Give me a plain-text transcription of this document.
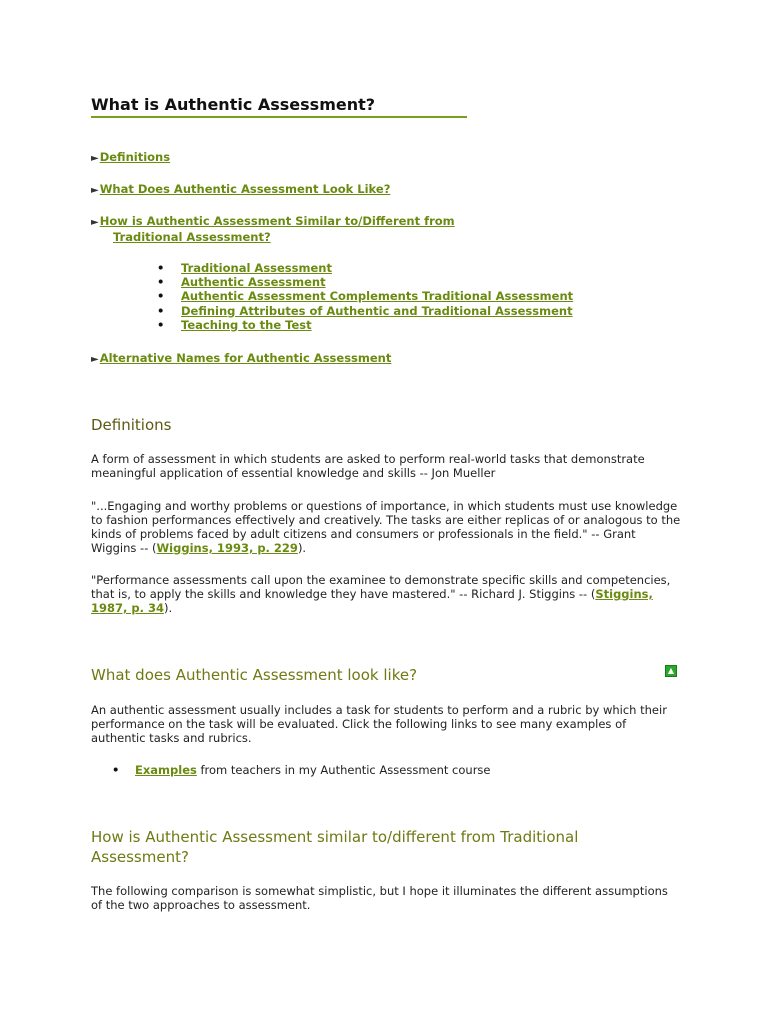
What is Authentic Assessment?
►Definitions
►What Does Authentic Assessment Look Like?
►How is Authentic Assessment Similar to/Different from
Traditional Assessment?
• Traditional Assessment
• Authentic Assessment
• Authentic Assessment Complements Traditional Assessment
• Defining Attributes of Authentic and Traditional Assessment
• Teaching to the Test
►Alternative Names for Authentic Assessment
Definitions

A form of assessment in which students are asked to perform real-world tasks that demonstrate meaningful application of essential knowledge and skills -- Jon Mueller

"...Engaging and worthy problems or questions of importance, in which students must use knowledge to fashion performances effectively and creatively. The tasks are either replicas of or analogous to the kinds of problems faced by adult citizens and consumers or professionals in the field." -- Grant Wiggins -- (Wiggins, 1993, p. 229).

"Performance assessments call upon the examinee to demonstrate specific skills and competencies, that is, to apply the skills and knowledge they have mastered." -- Richard J. Stiggins -- (Stiggins, 1987, p. 34).

What does Authentic Assessment look like?	▲

An authentic assessment usually includes a task for students to perform and a rubric by which their performance on the task will be evaluated. Click the following links to see many examples of authentic tasks and rubrics.

• Examples from teachers in my Authentic Assessment course
How is Authentic Assessment similar to/different from Traditional Assessment?

The following comparison is somewhat simplistic, but I hope it illuminates the different assumptions of the two approaches to assessment.
